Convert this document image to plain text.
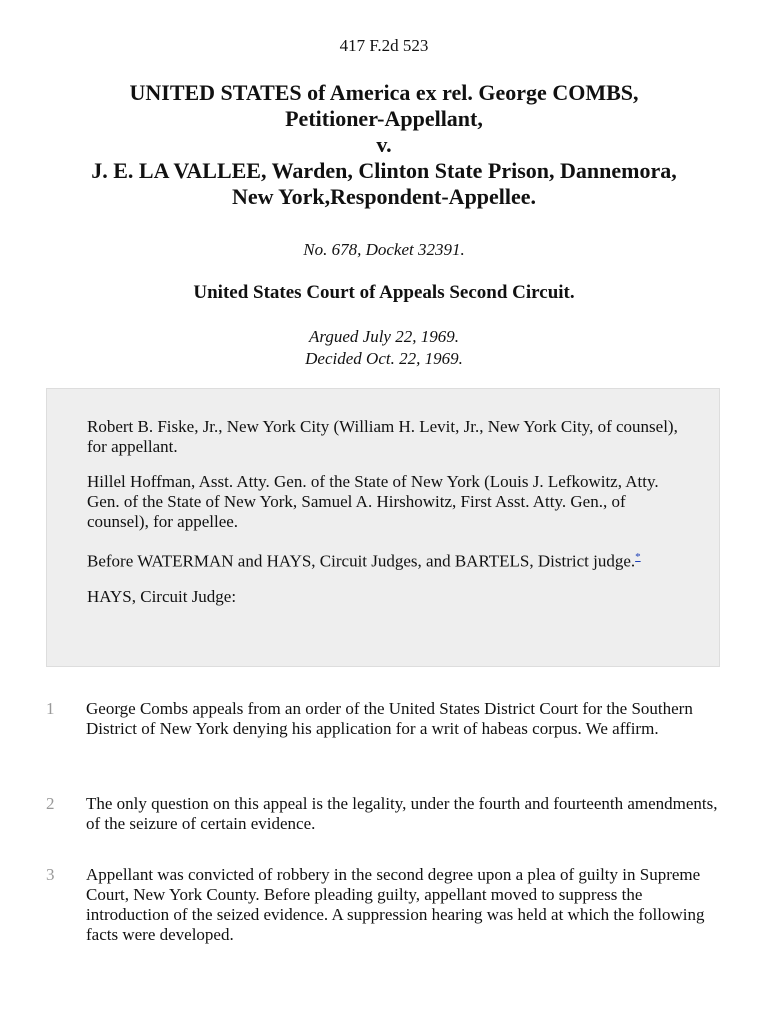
417 F.2d 523
UNITED STATES of America ex rel. George COMBS,
Petitioner-Appellant,
v.
J. E. LA VALLEE, Warden, Clinton State Prison, Dannemora,
New York,Respondent-Appellee.
No. 678, Docket 32391.
United States Court of Appeals Second Circuit.
Argued July 22, 1969.
Decided Oct. 22, 1969.

Robert B. Fiske, Jr., New York City (William H. Levit, Jr., New York City, of counsel), for appellant.

Hillel Hoffman, Asst. Atty. Gen. of the State of New York (Louis J. Lefkowitz, Atty. Gen. of the State of New York, Samuel A. Hirshowitz, First Asst. Atty. Gen., of counsel), for appellee.

Before WATERMAN and HAYS, Circuit Judges, and BARTELS, District judge.*

HAYS, Circuit Judge:

1 George Combs appeals from an order of the United States District Court for the Southern District of New York denying his application for a writ of habeas corpus. We affirm.
2 The only question on this appeal is the legality, under the fourth and fourteenth amendments, of the seizure of certain evidence.
3 Appellant was convicted of robbery in the second degree upon a plea of guilty in Supreme Court, New York County. Before pleading guilty, appellant moved to suppress the introduction of the seized evidence. A suppression hearing was held at which the following facts were developed.
